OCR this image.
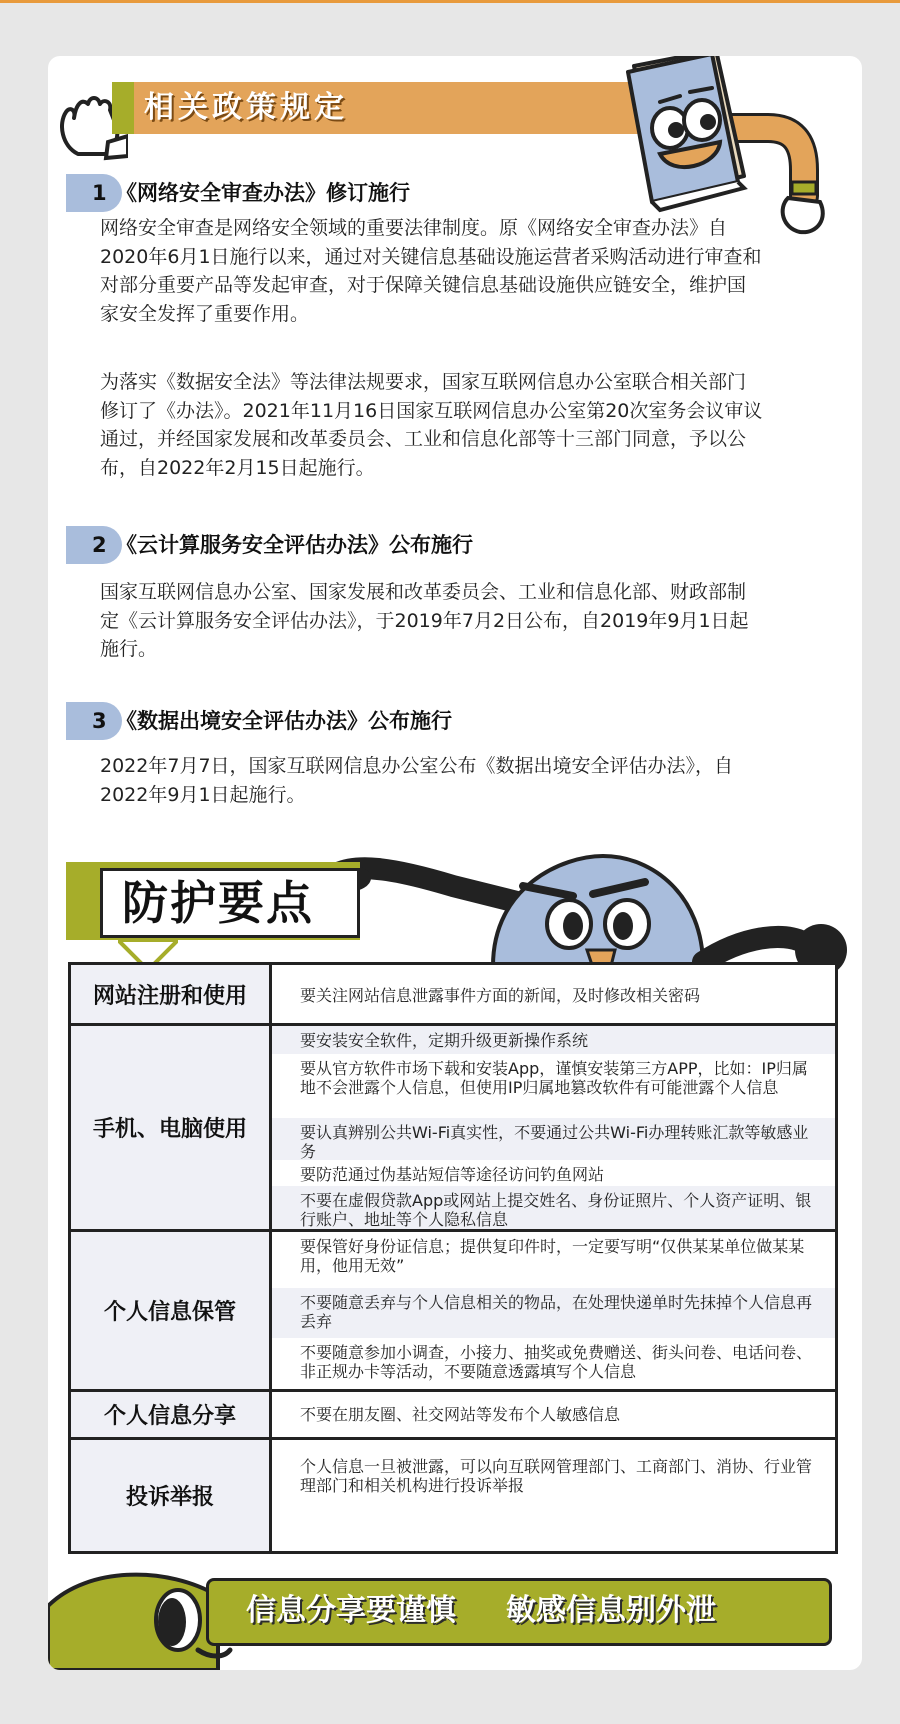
相关政策规定
1 《网络安全审查办法》修订施行

网络安全审查是网络安全领域的重要法律制度。原《网络安全审查办法》自2020年6月1日施行以来，通过对关键信息基础设施运营者采购活动进行审查和对部分重要产品等发起审查，对于保障关键信息基础设施供应链安全，维护国家安全发挥了重要作用。

为落实《数据安全法》等法律法规要求，国家互联网信息办公室联合相关部门修订了《办法》。2021年11月16日国家互联网信息办公室第20次室务会议审议通过，并经国家发展和改革委员会、工业和信息化部等十三部门同意，予以公布，自2022年2月15日起施行。

2 《云计算服务安全评估办法》公布施行

国家互联网信息办公室、国家发展和改革委员会、工业和信息化部、财政部制定《云计算服务安全评估办法》，于2019年7月2日公布，自2019年9月1日起施行。

3 《数据出境安全评估办法》公布施行

2022年7月7日，国家互联网信息办公室公布《数据出境安全评估办法》，自2022年9月1日起施行。

防护要点
网站注册和使用	要关注网站信息泄露事件方面的新闻，及时修改相关密码
手机、电脑使用
要安装安全软件，定期升级更新操作系统
要从官方软件市场下载和安装App，谨慎安装第三方APP，比如：IP归属地不会泄露个人信息，但使用IP归属地篡改软件有可能泄露个人信息
要认真辨别公共Wi-Fi真实性，不要通过公共Wi-Fi办理转账汇款等敏感业务
要防范通过伪基站短信等途径访问钓鱼网站
不要在虚假贷款App或网站上提交姓名、身份证照片、个人资产证明、银行账户、地址等个人隐私信息
个人信息保管
要保管好身份证信息；提供复印件时，一定要写明“仅供某某单位做某某用，他用无效”
不要随意丢弃与个人信息相关的物品，在处理快递单时先抹掉个人信息再丢弃
不要随意参加小调查，小接力、抽奖或免费赠送、街头问卷、电话问卷、非正规办卡等活动，不要随意透露填写个人信息
个人信息分享	不要在朋友圈、社交网站等发布个人敏感信息
投诉举报
个人信息一旦被泄露，可以向互联网管理部门、工商部门、消协、行业管理部门和相关机构进行投诉举报
信息分享要谨慎 敏感信息别外泄
